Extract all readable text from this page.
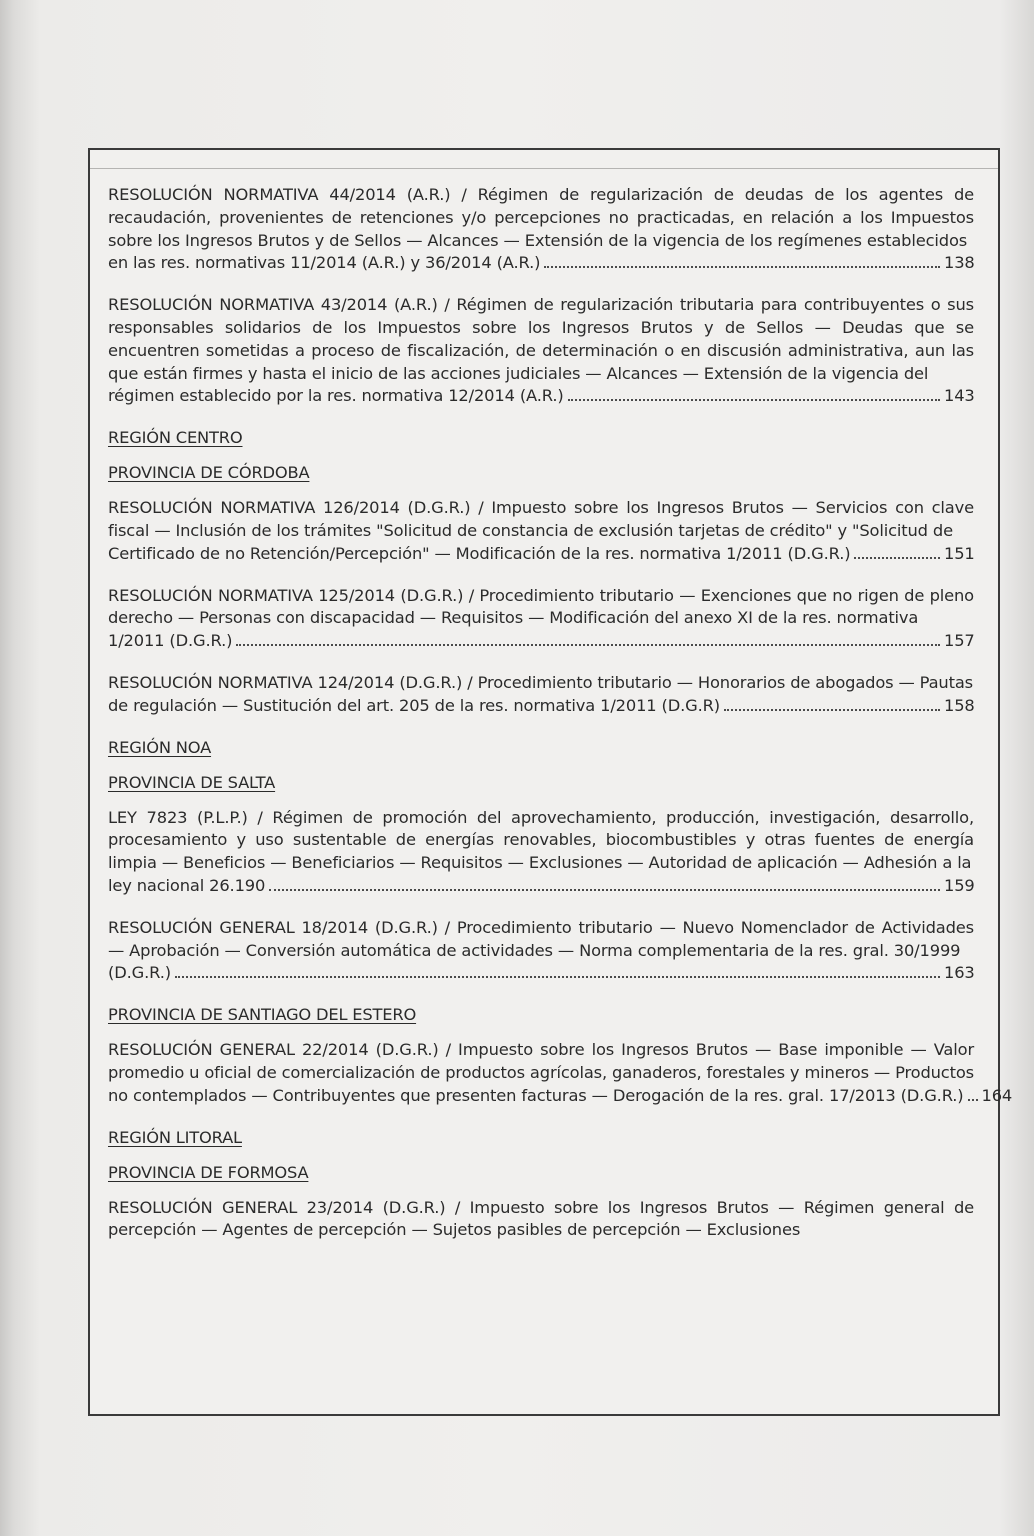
RESOLUCIÓN NORMATIVA 44/2014 (A.R.) / Régimen de regularización de deudas de los agentes de recaudación, provenientes de retenciones y/o percepciones no practicadas, en relación a los Impuestos sobre los Ingresos Brutos y de Sellos — Alcances — Extensión de la vigencia de los regímenes establecidos
en las res. normativas 11/2014 (A.R.) y 36/2014 (A.R.)	138
RESOLUCIÓN NORMATIVA 43/2014 (A.R.) / Régimen de regularización tributaria para contribuyentes o sus responsables solidarios de los Impuestos sobre los Ingresos Brutos y de Sellos — Deudas que se encuentren sometidas a proceso de fiscalización, de determinación o en discusión administrativa, aun las que están firmes y hasta el inicio de las acciones judiciales — Alcances — Extensión de la vigencia del
régimen establecido por la res. normativa 12/2014 (A.R.)	143
REGIÓN CENTRO
PROVINCIA DE CÓRDOBA
RESOLUCIÓN NORMATIVA 126/2014 (D.G.R.) / Impuesto sobre los Ingresos Brutos — Servicios con clave fiscal — Inclusión de los trámites "Solicitud de constancia de exclusión tarjetas de crédito" y "Solicitud de
Certificado de no Retención/Percepción" — Modificación de la res. normativa 1/2011 (D.G.R.)	151
RESOLUCIÓN NORMATIVA 125/2014 (D.G.R.) / Procedimiento tributario — Exenciones que no rigen de pleno derecho — Personas con discapacidad — Requisitos — Modificación del anexo XI de la res. normativa
1/2011 (D.G.R.)	157
RESOLUCIÓN NORMATIVA 124/2014 (D.G.R.) / Procedimiento tributario — Honorarios de abogados — Pautas
de regulación — Sustitución del art. 205 de la res. normativa 1/2011 (D.G.R)	158
REGIÓN NOA
PROVINCIA DE SALTA
LEY 7823 (P.L.P.) / Régimen de promoción del aprovechamiento, producción, investigación, desarrollo, procesamiento y uso sustentable de energías renovables, biocombustibles y otras fuentes de energía limpia — Beneficios — Beneficiarios — Requisitos — Exclusiones — Autoridad de aplicación — Adhesión a la
ley nacional 26.190	159
RESOLUCIÓN GENERAL 18/2014 (D.G.R.) / Procedimiento tributario — Nuevo Nomenclador de Actividades — Aprobación — Conversión automática de actividades — Norma complementaria de la res. gral. 30/1999
(D.G.R.)	163
PROVINCIA DE SANTIAGO DEL ESTERO
RESOLUCIÓN GENERAL 22/2014 (D.G.R.) / Impuesto sobre los Ingresos Brutos — Base imponible — Valor promedio u oficial de comercialización de productos agrícolas, ganaderos, forestales y mineros — Productos
no contemplados — Contribuyentes que presenten facturas — Derogación de la res. gral. 17/2013 (D.G.R.) 164
REGIÓN LITORAL
PROVINCIA DE FORMOSA
RESOLUCIÓN GENERAL 23/2014 (D.G.R.) / Impuesto sobre los Ingresos Brutos — Régimen general de percepción — Agentes de percepción — Sujetos pasibles de percepción — Exclusiones
